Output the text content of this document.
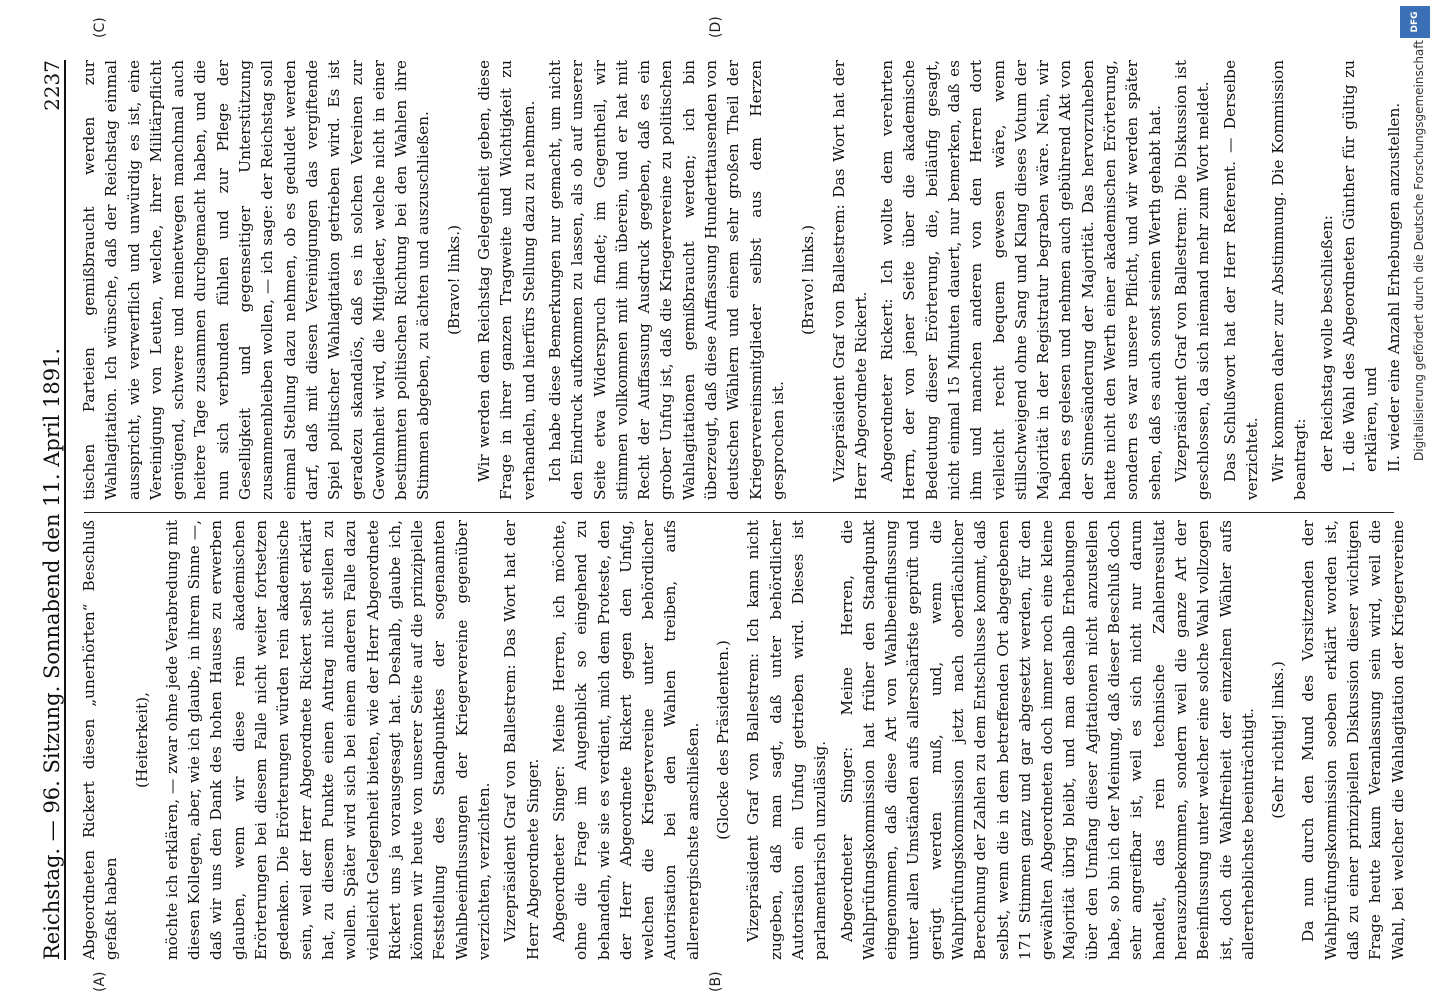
Reichstag. — 96. Sitzung. Sonnabend den 11. April 1891.
2237
(A)	(B)
(C)	(D)

Abgeordneten Rickert diesen „unerhörten“ Beschluß gefaßt haben

(Heiterkeit), möchte ich erklären, — zwar ohne jede Verabredung mit diesen Kollegen, aber, wie ich glaube, in ihrem Sinne —, daß wir uns den Dank des hohen Hauses zu erwerben glauben, wenn wir diese rein akademischen Erörterungen bei diesem Falle nicht weiter fortsetzen gedenken. Die Erörterungen würden rein akademische sein, weil der Herr Abgeordnete Rickert selbst erklärt hat, zu diesem Punkte einen Antrag nicht stellen zu wollen. Später wird sich bei einem anderen Falle dazu vielleicht Gelegenheit bieten, wie der Herr Abgeordnete Rickert uns ja vorausgesagt hat. Deshalb, glaube ich, können wir heute von unserer Seite auf die prinzipielle Feststellung des Standpunktes der sogenannten Wahlbeeinflussungen der Kriegervereine gegenüber verzichten, verzichten. Vizepräsident Graf von Ballestrem: Das Wort hat der Herr Abgeordnete Singer. Abgeordneter Singer: Meine Herren, ich möchte, ohne die Frage im Augenblick so eingehend zu behandeln, wie sie es verdient, mich dem Proteste, den der Herr Abgeordnete Rickert gegen den Unfug, welchen die Kriegervereine unter behördlicher Autorisation bei den Wahlen treiben, aufs allerenergischste anschließen. (Glocke des Präsidenten.) Vizepräsident Graf von Ballestrem: Ich kann nicht zugeben, daß man sagt, daß unter behördlicher Autorisation ein Unfug getrieben wird. Dieses ist parlamentarisch unzulässig. Abgeordneter Singer: Meine Herren, die Wahlprüfungskommission hat früher den Standpunkt eingenommen, daß diese Art von Wahlbeeinflussung unter allen Umständen aufs allerschärfste geprüft und gerügt werden muß, und, wenn die Wahlprüfungskommission jetzt nach oberflächlicher Berechnung der Zahlen zu dem Entschlusse kommt, daß selbst, wenn die in dem betreffenden Ort abgegebenen 171 Stimmen ganz und gar abgesetzt werden, für den gewählten Abgeordneten doch immer noch eine kleine Majorität übrig bleibt, und man deshalb Erhebungen über den Umfang dieser Agitationen nicht anzustellen habe, so bin ich der Meinung, daß dieser Beschluß doch sehr angreifbar ist, weil es sich nicht nur darum handelt, das rein technische Zahlenresultat herauszubekommen, sondern weil die ganze Art der Beeinflussung unter welcher eine solche Wahl vollzogen ist, doch die Wahlfreiheit der einzelnen Wähler aufs allererheblichste beeinträchtigt. (Sehr richtig! links.)

Da nun durch den Mund des Vorsitzenden der Wahlprüfungskommission soeben erklärt worden ist, daß zu einer prinzipiellen Diskussion dieser wichtigen Frage heute kaum Veranlassung sein wird, weil die Wahl, bei welcher die Wahlagitation der Kriegervereine

tischen Parteien gemißbraucht werden zur Wahlagitation. Ich wünsche, daß der Reichstag einmal ausspricht, wie verwerflich und unwürdig es ist, eine Vereinigung von Leuten, welche, ihrer Militärpflicht genügend, schwere und meinetwegen manchmal auch heitere Tage zusammen durchgemacht haben, und die nun sich verbunden fühlen und zur Pflege der Geselligkeit und gegenseitiger Unterstützung zusammenbleiben wollen, — ich sage: der Reichstag soll einmal Stellung dazu nehmen, ob es geduldet werden darf, daß mit diesen Vereinigungen das vergiftende Spiel politischer Wahlagitation getrieben wird. Es ist geradezu skandalös, daß es in solchen Vereinen zur Gewohnheit wird, die Mitglieder, welche nicht in einer bestimmten politischen Richtung bei den Wahlen ihre Stimmen abgeben, zu ächten und auszuschließen. (Bravo! links.) Wir werden dem Reichstag Gelegenheit geben, diese Frage in ihrer ganzen Tragweite und Wichtigkeit zu verhandeln, und hierfürs Stellung dazu zu nehmen. Ich habe diese Bemerkungen nur gemacht, um nicht den Eindruck aufkommen zu lassen, als ob auf unserer Seite etwa Widerspruch findet; im Gegentheil, wir stimmen vollkommen mit ihm überein, und er hat mit Recht der Auffassung Ausdruck gegeben, daß es ein grober Unfug ist, daß die Kriegervereine zu politischen Wahlagitationen gemißbraucht werden; ich bin überzeugt, daß diese Auffassung Hunderttausenden von deutschen Wählern und einem sehr großen Theil der Kriegervereinsmitglieder selbst aus dem Herzen gesprochen ist.

(Bravo! links.) Vizepräsident Graf von Ballestrem: Das Wort hat der Herr Abgeordnete Rickert. Abgeordneter Rickert: Ich wollte dem verehrten Herrn, der von jener Seite über die akademische Bedeutung dieser Erörterung, die, beiläufig gesagt, nicht einmal 15 Minuten dauert, nur bemerken, daß es ihm und manchen anderen von den Herren dort vielleicht recht bequem gewesen wäre, wenn stillschweigend ohne Sang und Klang dieses Votum der Majorität in der Registratur begraben wäre. Nein, wir haben es gelesen und nehmen auch gebührend Akt von der Sinnesänderung der Majorität. Das hervorzuheben hatte nicht den Werth einer akademischen Erörterung, sondern es war unsere Pflicht, und wir werden später sehen, daß es auch sonst seinen Werth gehabt hat. Vizepräsident Graf von Ballestrem: Die Diskussion ist geschlossen, da sich niemand mehr zum Wort meldet. Das Schlußwort hat der Herr Referent. — Derselbe verzichtet. Wir kommen daher zur Abstimmung. Die Kommission beantragt: der Reichstag wolle beschließen: I. die Wahl des Abgeordneten Günther für gültig zu erklären, und II. wieder eine Anzahl Erhebungen anzustellen. Digitalisierung gefördert durch die Deutsche Forschungsgemeinschaft
DFG
